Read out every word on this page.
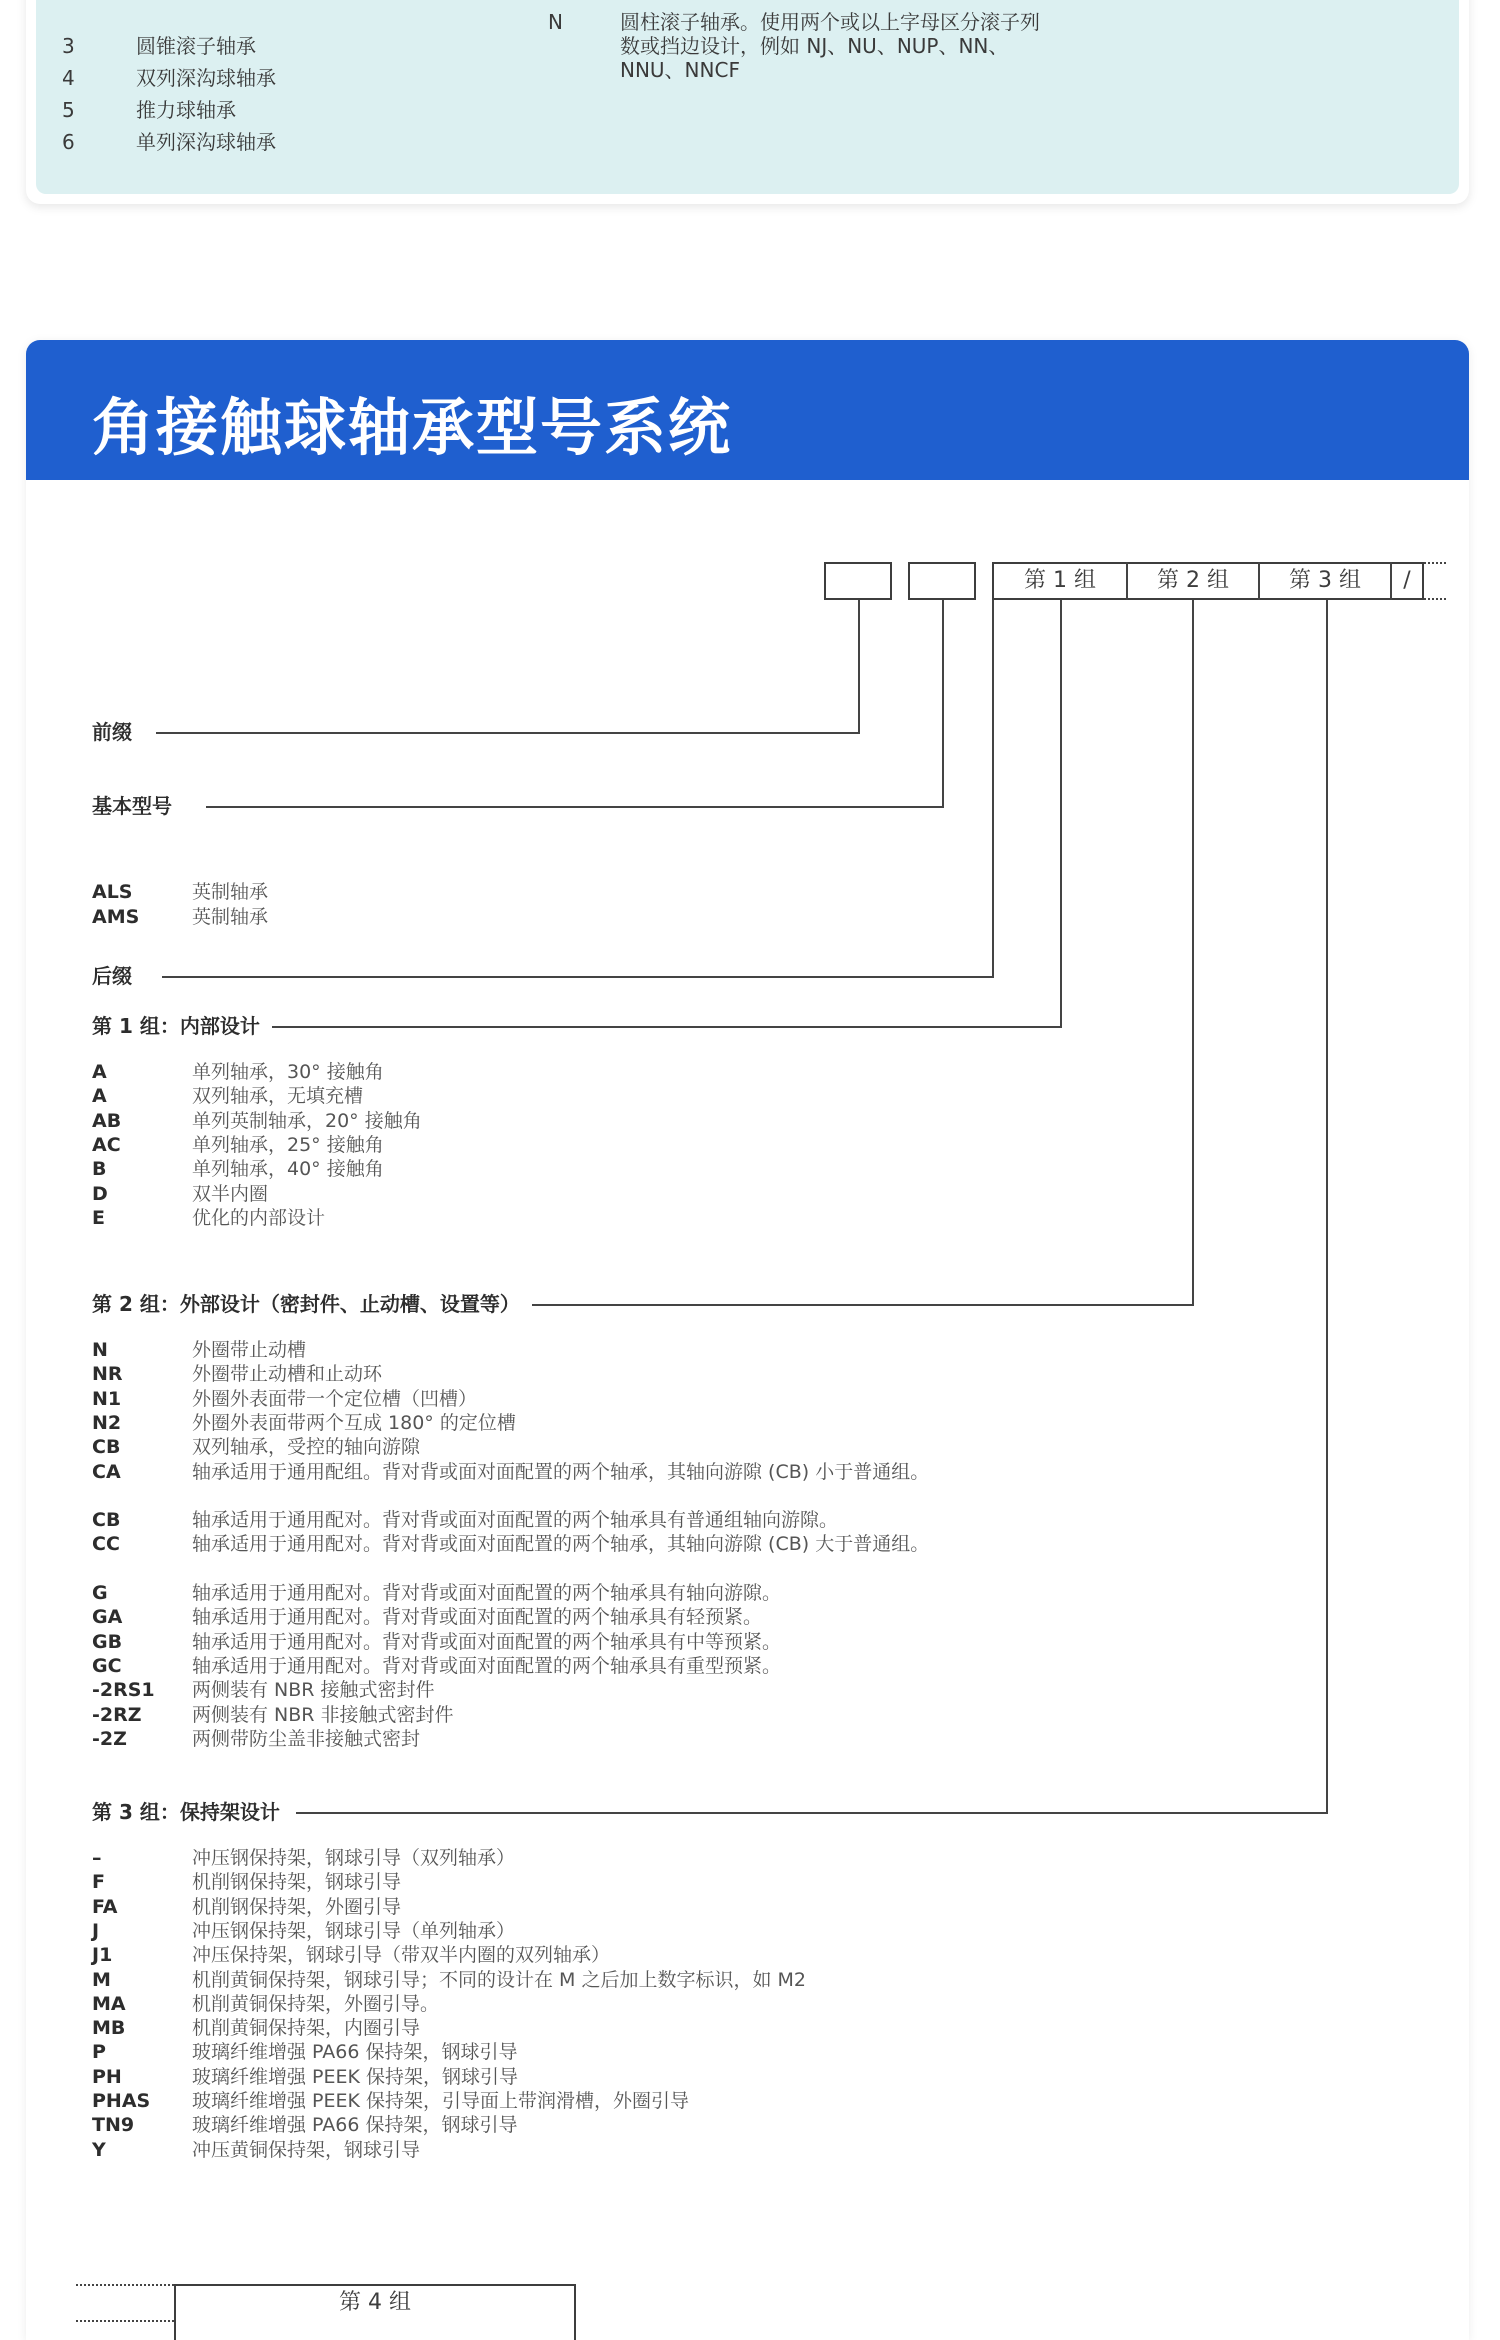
3	圆锥滚子轴承
4	双列深沟球轴承
5	推力球轴承
6	单列深沟球轴承
N	圆柱滚子轴承。使用两个或以上字母区分滚子列数或挡边设计，例如 NJ、NU、NUP、NN、NNU、NNCF
角接触球轴承型号系统
第 1 组	第 2 组	第 3 组	/
前缀
基本型号
ALS	英制轴承
AMS	英制轴承
后缀
第 1 组：内部设计
A	单列轴承，30° 接触角
A	双列轴承，无填充槽
AB	单列英制轴承，20° 接触角
AC	单列轴承，25° 接触角
B	单列轴承，40° 接触角
D	双半内圈
E	优化的内部设计
第 2 组：外部设计（密封件、止动槽、设置等）
N	外圈带止动槽
NR	外圈带止动槽和止动环
N1	外圈外表面带一个定位槽（凹槽）
N2	外圈外表面带两个互成 180° 的定位槽
CB	双列轴承，受控的轴向游隙
CA	轴承适用于通用配组。背对背或面对面配置的两个轴承，其轴向游隙 (CB) 小于普通组。
CB	轴承适用于通用配对。背对背或面对面配置的两个轴承具有普通组轴向游隙。
CC	轴承适用于通用配对。背对背或面对面配置的两个轴承，其轴向游隙 (CB) 大于普通组。
G	轴承适用于通用配对。背对背或面对面配置的两个轴承具有轴向游隙。
GA	轴承适用于通用配对。背对背或面对面配置的两个轴承具有轻预紧。
GB	轴承适用于通用配对。背对背或面对面配置的两个轴承具有中等预紧。
GC	轴承适用于通用配对。背对背或面对面配置的两个轴承具有重型预紧。
-2RS1 两侧装有 NBR 接触式密封件
-2RZ	两侧装有 NBR 非接触式密封件
-2Z	两侧带防尘盖非接触式密封
第 3 组：保持架设计
–	冲压钢保持架，钢球引导（双列轴承）
F	机削钢保持架，钢球引导
FA	机削钢保持架，外圈引导
J	冲压钢保持架，钢球引导（单列轴承）
J1	冲压保持架，钢球引导（带双半内圈的双列轴承）
M	机削黄铜保持架，钢球引导；不同的设计在 M 之后加上数字标识，如 M2
MA	机削黄铜保持架，外圈引导。
MB	机削黄铜保持架，内圈引导
P	玻璃纤维增强 PA66 保持架，钢球引导
PH	玻璃纤维增强 PEEK 保持架，钢球引导
PHAS 玻璃纤维增强 PEEK 保持架，引导面上带润滑槽，外圈引导
TN9	玻璃纤维增强 PA66 保持架，钢球引导
Y	冲压黄铜保持架，钢球引导
第 4 组
